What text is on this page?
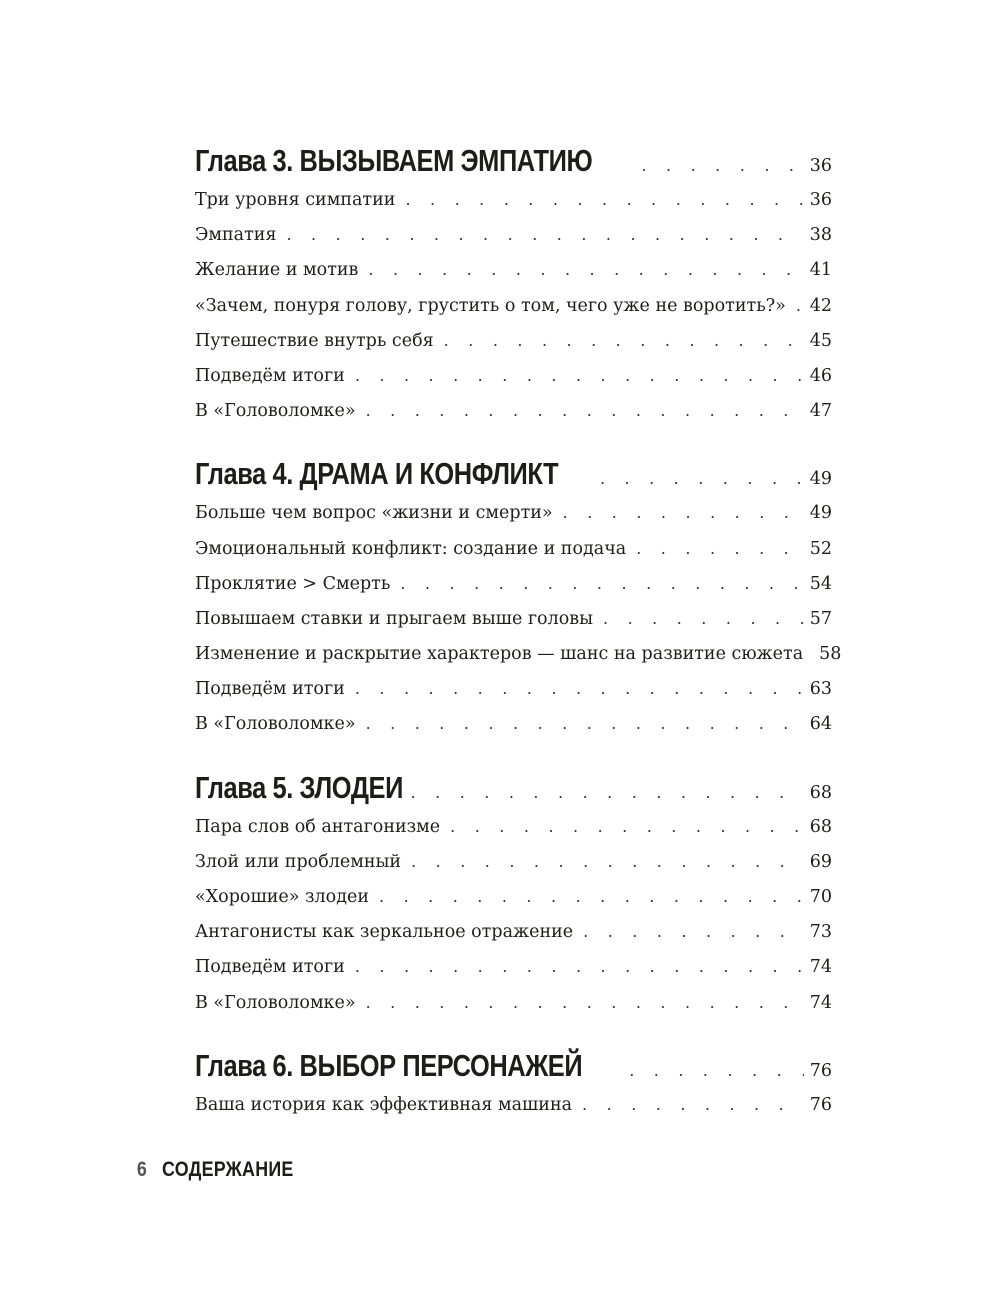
Глава 3. ВЫЗЫВАЕМ ЭМПАТИЮ . . .	36
Три уровня симпатии . . .	36
Эмпатия . . .	38
Желание и мотив . . .	41
«Зачем, понуря голову, грустить о том, чего уже не воротить?» . . . 42
Путешествие внутрь себя . . .	45
Подведём итоги . . .	46
В «Головоломке» . . .	47
Глава 4. ДРАМА И КОНФЛИКТ . . .	49
Больше чем вопрос «жизни и смерти» . . .	49
Эмоциональный конфликт: создание и подача . . .	52
Проклятие > Смерть . . .	54
Повышаем ставки и прыгаем выше головы . . .	57
Изменение и раскрытие характеров — шанс на развитие сюжета 58
Подведём итоги . . .	63
В «Головоломке» . . .	64
Глава 5. ЗЛОДЕИ . . .	68
Пара слов об антагонизме . . .	68
Злой или проблемный . . .	69
«Хорошие» злодеи . . .	70
Антагонисты как зеркальное отражение . . .	73
Подведём итоги . . .	74
В «Головоломке» . . .	74
Глава 6. ВЫБОР ПЕРСОНАЖЕЙ . . .	76
Ваша история как эффективная машина . . .	76
6 СОДЕРЖАНИЕ
